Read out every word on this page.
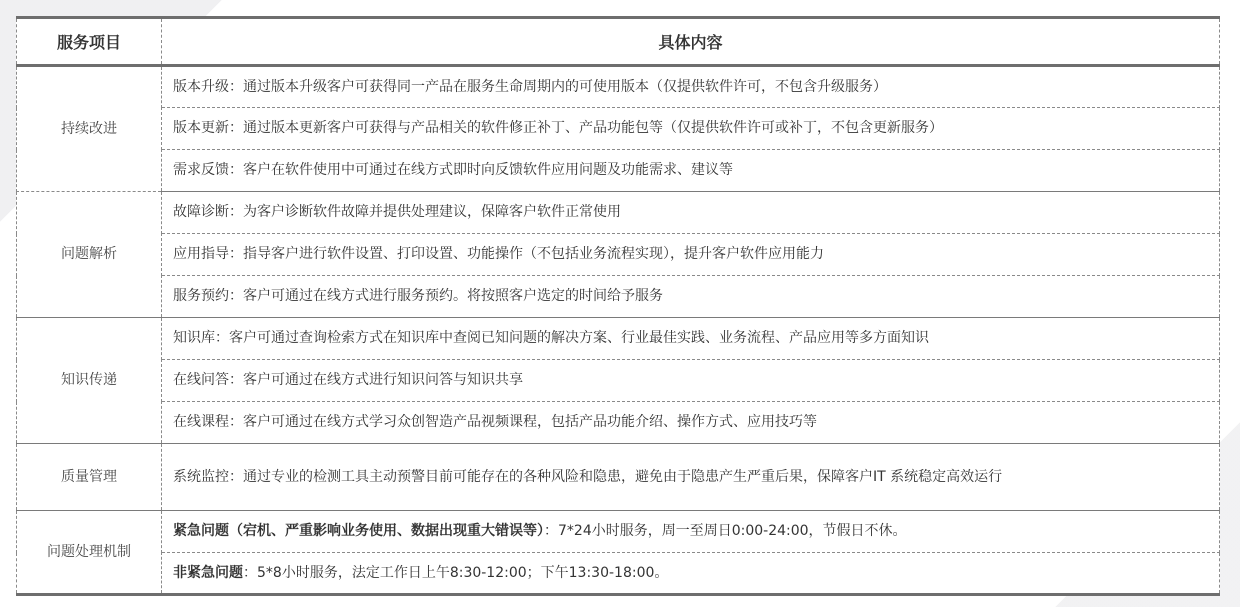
服务项目	具体内容
持续改进	版本升级：通过版本升级客户可获得同一产品在服务生命周期内的可使用版本（仅提供软件许可，不包含升级服务）
	版本更新：通过版本更新客户可获得与产品相关的软件修正补丁、产品功能包等（仅提供软件许可或补丁，不包含更新服务）
	需求反馈：客户在软件使用中可通过在线方式即时向反馈软件应用问题及功能需求、建议等
问题解析	故障诊断：为客户诊断软件故障并提供处理建议，保障客户软件正常使用
	应用指导：指导客户进行软件设置、打印设置、功能操作（不包括业务流程实现），提升客户软件应用能力
	服务预约：客户可通过在线方式进行服务预约。将按照客户选定的时间给予服务
知识传递	知识库：客户可通过查询检索方式在知识库中查阅已知问题的解决方案、行业最佳实践、业务流程、产品应用等多方面知识
	在线问答：客户可通过在线方式进行知识问答与知识共享
	在线课程：客户可通过在线方式学习众创智造产品视频课程，包括产品功能介绍、操作方式、应用技巧等
质量管理	系统监控：通过专业的检测工具主动预警目前可能存在的各种风险和隐患，避免由于隐患产生严重后果，保障客户IT 系统稳定高效运行
问题处理机制	紧急问题（宕机、严重影响业务使用、数据出现重大错误等）：7*24小时服务，周一至周日0:00-24:00，节假日不休。
	非紧急问题：5*8小时服务，法定工作日上午8:30-12:00；下午13:30-18:00。
